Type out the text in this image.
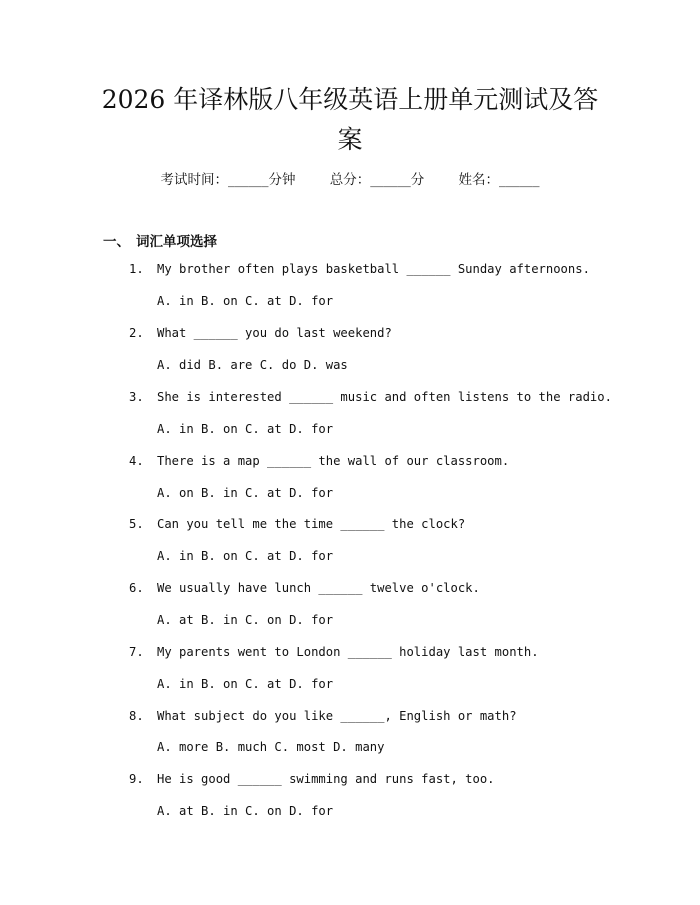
2026 年译林版八年级英语上册单元测试及答
案
考试时间：______分钟	总分：______分	姓名：______
一、 词汇单项选择
1. My brother often plays basketball ______ Sunday afternoons.
A. in B. on C. at D. for
2. What ______ you do last weekend?
A. did B. are C. do D. was
3. She is interested ______ music and often listens to the radio.
A. in B. on C. at D. for
4. There is a map ______ the wall of our classroom.
A. on B. in C. at D. for
5. Can you tell me the time ______ the clock?
A. in B. on C. at D. for
6. We usually have lunch ______ twelve o'clock.
A. at B. in C. on D. for
7. My parents went to London ______ holiday last month.
A. in B. on C. at D. for
8. What subject do you like ______, English or math?
A. more B. much C. most D. many
9. He is good ______ swimming and runs fast, too.
A. at B. in C. on D. for
